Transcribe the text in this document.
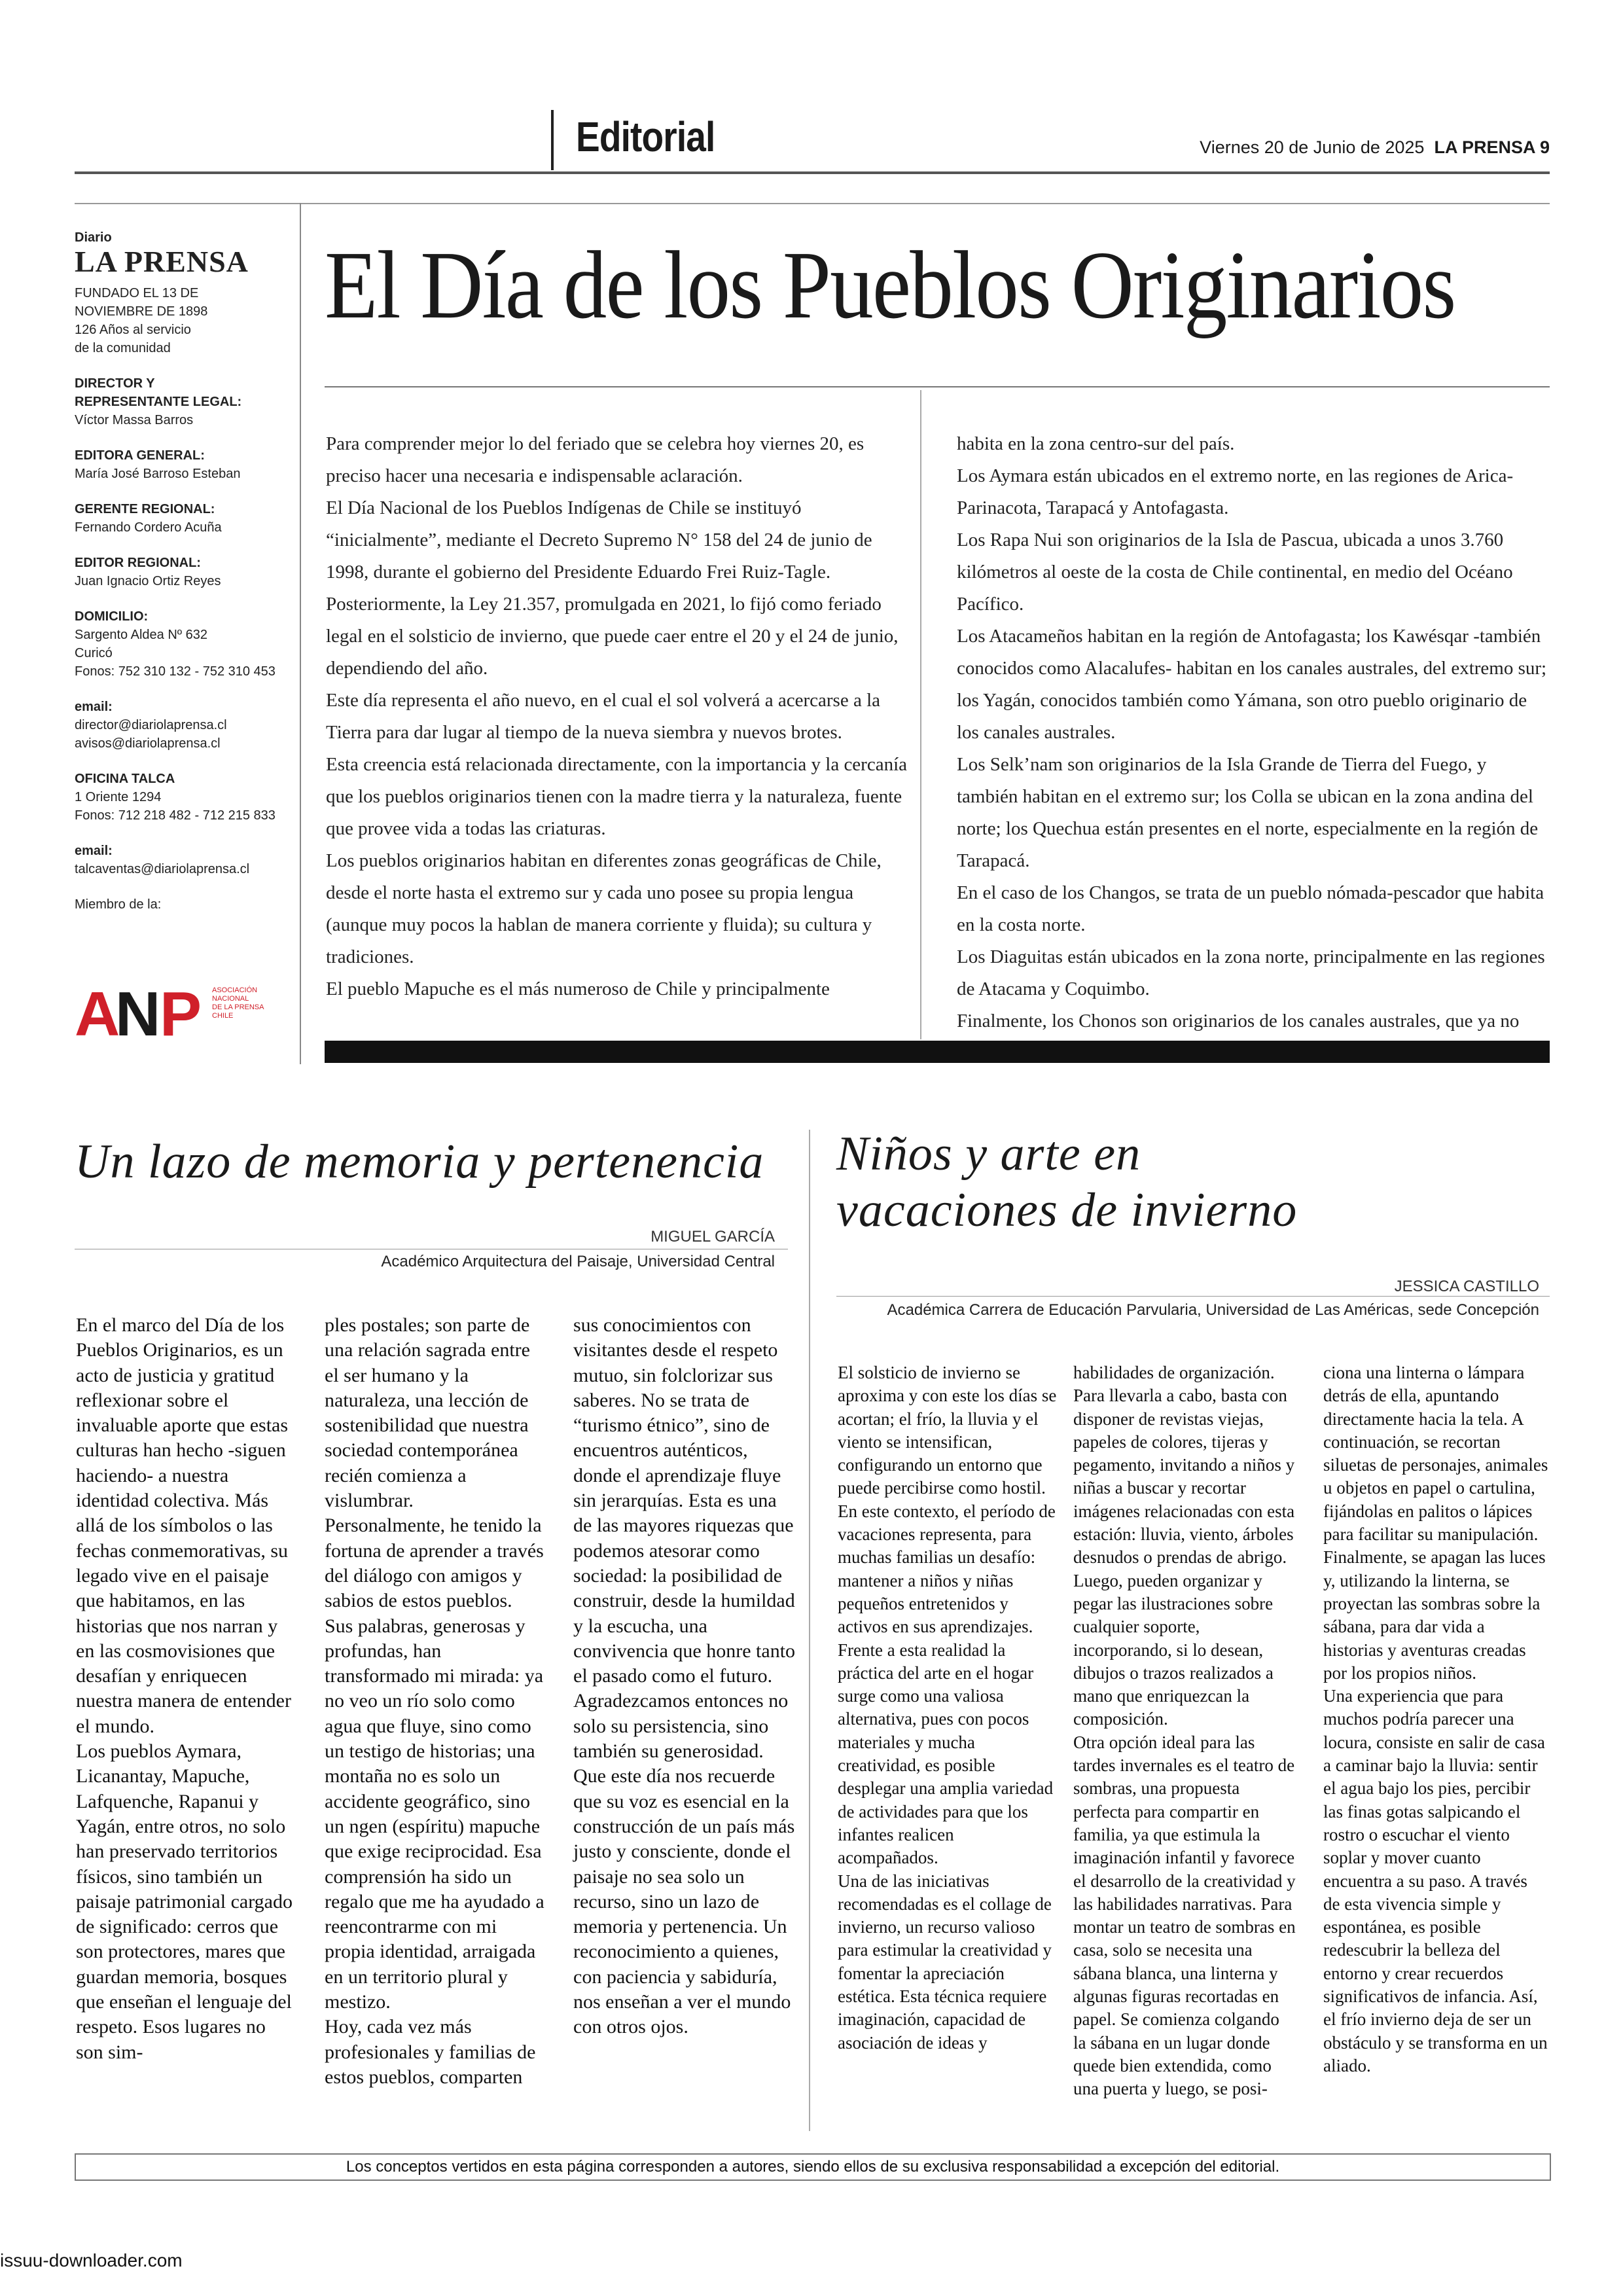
Editorial	Viernes 20 de Junio de 2025 LA PRENSA 9
Diario
LA PRENSA
FUNDADO EL 13 DE
NOVIEMBRE DE 1898
126 Años al servicio
de la comunidad
DIRECTOR Y
REPRESENTANTE LEGAL:
Víctor Massa Barros
EDITORA GENERAL:
María José Barroso Esteban
GERENTE REGIONAL:
Fernando Cordero Acuña
EDITOR REGIONAL:
Juan Ignacio Ortiz Reyes
DOMICILIO:
Sargento Aldea Nº 632
Curicó
Fonos: 752 310 132 - 752 310 453
email:
director@diariolaprensa.cl
avisos@diariolaprensa.cl
OFICINA TALCA
1 Oriente 1294
Fonos: 712 218 482 - 712 215 833
email:
talcaventas@diariolaprensa.cl
Miembro de la:
A
N
P ASOCIACIÓN
NACIONAL
DE LA PRENSA
CHILE
El Día de los Pueblos Originarios

Para comprender mejor lo del feriado que se celebra hoy viernes 20, es preciso hacer una necesaria e indispensable aclaración.

El Día Nacional de los Pueblos Indígenas de Chile se instituyó “inicialmente”, mediante el Decreto Supremo N° 158 del 24 de junio de 1998, durante el gobierno del Presidente Eduardo Frei Ruiz-Tagle.

Posteriormente, la Ley 21.357, promulgada en 2021, lo fijó como feriado legal en el solsticio de invierno, que puede caer entre el 20 y el 24 de junio, dependiendo del año.

Este día representa el año nuevo, en el cual el sol volverá a acercarse a la Tierra para dar lugar al tiempo de la nueva siembra y nuevos brotes.

Esta creencia está relacionada directamente, con la importancia y la cercanía que los pueblos originarios tienen con la madre tierra y la naturaleza, fuente que provee vida a todas las criaturas.

Los pueblos originarios habitan en diferentes zonas geográficas de Chile, desde el norte hasta el extremo sur y cada uno posee su propia lengua (aunque muy pocos la hablan de manera corriente y fluida); su cultura y tradiciones.

El pueblo Mapuche es el más numeroso de Chile y principalmente

habita en la zona centro-sur del país.

Los Aymara están ubicados en el extremo norte, en las regiones de Arica-Parinacota, Tarapacá y Antofagasta.

Los Rapa Nui son originarios de la Isla de Pascua, ubicada a unos 3.760 kilómetros al oeste de la costa de Chile continental, en medio del Océano Pacífico.

Los Atacameños habitan en la región de Antofagasta; los Kawésqar -también conocidos como Alacalufes- habitan en los canales australes, del extremo sur; los Yagán, conocidos también como Yámana, son otro pueblo originario de los canales australes.

Los Selk’nam son originarios de la Isla Grande de Tierra del Fuego, y también habitan en el extremo sur; los Colla se ubican en la zona andina del norte; los Quechua están presentes en el norte, especialmente en la región de Tarapacá.

En el caso de los Changos, se trata de un pueblo nómada-pescador que habita en la costa norte.

Los Diaguitas están ubicados en la zona norte, principalmente en las regiones de Atacama y Coquimbo.

Finalmente, los Chonos son originarios de los canales australes, que ya no

Un lazo de memoria y pertenencia
MIGUEL GARCÍA
Académico Arquitectura del Paisaje, Universidad Central

En el marco del Día de los Pueblos Originarios, es un acto de justicia y gratitud reflexionar sobre el invaluable aporte que estas culturas han hecho -siguen haciendo- a nuestra identidad colectiva. Más allá de los símbolos o las fechas conmemorativas, su legado vive en el paisaje que habitamos, en las historias que nos narran y en las cosmovisiones que desafían y enriquecen nuestra manera de entender el mundo.

Los pueblos Aymara, Licanantay, Mapuche, Lafquenche, Rapanui y Yagán, entre otros, no solo han preservado territorios físicos, sino también un paisaje patrimonial cargado de significado: cerros que son protectores, mares que guardan memoria, bosques que enseñan el lenguaje del respeto. Esos lugares no son sim-

ples postales; son parte de una relación sagrada entre el ser humano y la naturaleza, una lección de sostenibilidad que nuestra sociedad contemporánea recién comienza a vislumbrar.

Personalmente, he tenido la fortuna de aprender a través del diálogo con amigos y sabios de estos pueblos. Sus palabras, generosas y profundas, han transformado mi mirada: ya no veo un río solo como agua que fluye, sino como un testigo de historias; una montaña no es solo un accidente geográfico, sino un ngen (espíritu) mapuche que exige reciprocidad. Esa comprensión ha sido un regalo que me ha ayudado a reencontrarme con mi propia identidad, arraigada en un territorio plural y mestizo.

Hoy, cada vez más profesionales y familias de estos pueblos, comparten

sus conocimientos con visitantes desde el respeto mutuo, sin folclorizar sus saberes. No se trata de “turismo étnico”, sino de encuentros auténticos, donde el aprendizaje fluye sin jerarquías. Esta es una de las mayores riquezas que podemos atesorar como sociedad: la posibilidad de construir, desde la humildad y la escucha, una convivencia que honre tanto el pasado como el futuro.

Agradezcamos entonces no solo su persistencia, sino también su generosidad. Que este día nos recuerde que su voz es esencial en la construcción de un país más justo y consciente, donde el paisaje no sea solo un recurso, sino un lazo de memoria y pertenencia. Un reconocimiento a quienes, con paciencia y sabiduría, nos enseñan a ver el mundo con otros ojos.

Niños y arte en
vacaciones de invierno
JESSICA CASTILLO
Académica Carrera de Educación Parvularia, Universidad de Las Américas, sede Concepción

El solsticio de invierno se aproxima y con este los días se acortan; el frío, la lluvia y el viento se intensifican, configurando un entorno que puede percibirse como hostil. En este contexto, el período de vacaciones representa, para muchas familias un desafío: mantener a niños y niñas pequeños entretenidos y activos en sus aprendizajes.

Frente a esta realidad la práctica del arte en el hogar surge como una valiosa alternativa, pues con pocos materiales y mucha creatividad, es posible desplegar una amplia variedad de actividades para que los infantes realicen acompañados.

Una de las iniciativas recomendadas es el collage de invierno, un recurso valioso para estimular la creatividad y fomentar la apreciación estética. Esta técnica requiere imaginación, capacidad de asociación de ideas y

habilidades de organización. Para llevarla a cabo, basta con disponer de revistas viejas, papeles de colores, tijeras y pegamento, invitando a niños y niñas a buscar y recortar imágenes relacionadas con esta estación: lluvia, viento, árboles desnudos o prendas de abrigo. Luego, pueden organizar y pegar las ilustraciones sobre cualquier soporte, incorporando, si lo desean, dibujos o trazos realizados a mano que enriquezcan la composición.

Otra opción ideal para las tardes invernales es el teatro de sombras, una propuesta perfecta para compartir en familia, ya que estimula la imaginación infantil y favorece el desarrollo de la creatividad y las habilidades narrativas. Para montar un teatro de sombras en casa, solo se necesita una sábana blanca, una linterna y algunas figuras recortadas en papel. Se comienza colgando la sábana en un lugar donde quede bien extendida, como una puerta y luego, se posi-

ciona una linterna o lámpara detrás de ella, apuntando directamente hacia la tela. A continuación, se recortan siluetas de personajes, animales u objetos en papel o cartulina, fijándolas en palitos o lápices para facilitar su manipulación. Finalmente, se apagan las luces y, utilizando la linterna, se proyectan las sombras sobre la sábana, para dar vida a historias y aventuras creadas por los propios niños.

Una experiencia que para muchos podría parecer una locura, consiste en salir de casa a caminar bajo la lluvia: sentir el agua bajo los pies, percibir las finas gotas salpicando el rostro o escuchar el viento soplar y mover cuanto encuentra a su paso. A través de esta vivencia simple y espontánea, es posible redescubrir la belleza del entorno y crear recuerdos significativos de infancia. Así, el frío invierno deja de ser un obstáculo y se transforma en un aliado.

Los conceptos vertidos en esta página corresponden a autores, siendo ellos de su exclusiva responsabilidad a excepción del editorial.
issuu-downloader.com
